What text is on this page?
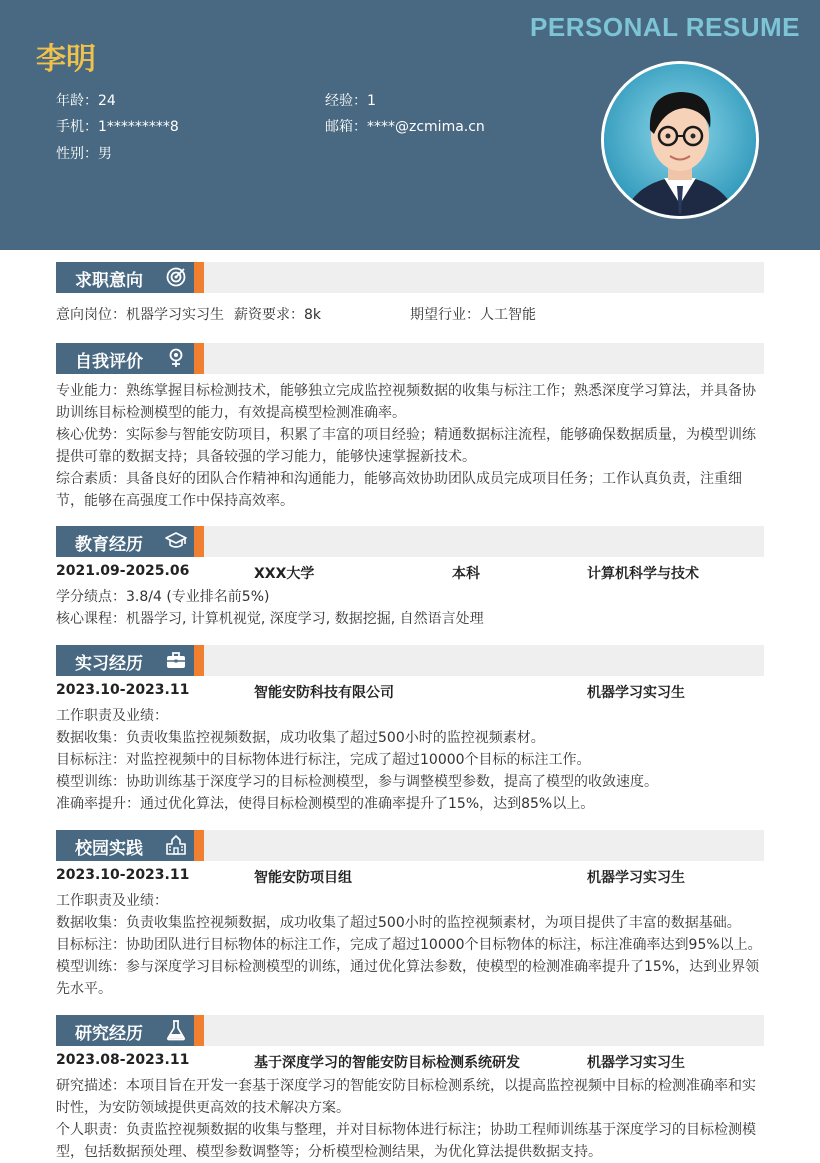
PERSONAL RESUME
李明
年龄：24	经验：1
手机：1*********8	邮箱：****@zcmima.cn
性别：男
求职意向
意向岗位：机器学习实习生 薪资要求：8k	期望行业：人工智能
自我评价
专业能力：熟练掌握目标检测技术，能够独立完成监控视频数据的收集与标注工作；熟悉深度学习算法，并具备协
助训练目标检测模型的能力，有效提高模型检测准确率。
核心优势：实际参与智能安防项目，积累了丰富的项目经验；精通数据标注流程，能够确保数据质量，为模型训练
提供可靠的数据支持；具备较强的学习能力，能够快速掌握新技术。
综合素质：具备良好的团队合作精神和沟通能力，能够高效协助团队成员完成项目任务；工作认真负责，注重细
节，能够在高强度工作中保持高效率。
教育经历
2021.09-2025.06	XXX大学	本科	计算机科学与技术
学分绩点：3.8/4 (专业排名前5%)
核心课程：机器学习, 计算机视觉, 深度学习, 数据挖掘, 自然语言处理
实习经历
2023.10-2023.11	智能安防科技有限公司	机器学习实习生
工作职责及业绩：
数据收集：负责收集监控视频数据，成功收集了超过500小时的监控视频素材。
目标标注：对监控视频中的目标物体进行标注，完成了超过10000个目标的标注工作。
模型训练：协助训练基于深度学习的目标检测模型，参与调整模型参数，提高了模型的收敛速度。
准确率提升：通过优化算法，使得目标检测模型的准确率提升了15%，达到85%以上。
校园实践
2023.10-2023.11	智能安防项目组	机器学习实习生
工作职责及业绩：
数据收集：负责收集监控视频数据，成功收集了超过500小时的监控视频素材，为项目提供了丰富的数据基础。
目标标注：协助团队进行目标物体的标注工作，完成了超过10000个目标物体的标注，标注准确率达到95%以上。
模型训练：参与深度学习目标检测模型的训练，通过优化算法参数，使模型的检测准确率提升了15%，达到业界领
先水平。
研究经历
2023.08-2023.11	基于深度学习的智能安防目标检测系统研发	机器学习实习生
研究描述：本项目旨在开发一套基于深度学习的智能安防目标检测系统，以提高监控视频中目标的检测准确率和实
时性，为安防领域提供更高效的技术解决方案。
个人职责：负责监控视频数据的收集与整理，并对目标物体进行标注；协助工程师训练基于深度学习的目标检测模
型，包括数据预处理、模型参数调整等；分析模型检测结果，为优化算法提供数据支持。
